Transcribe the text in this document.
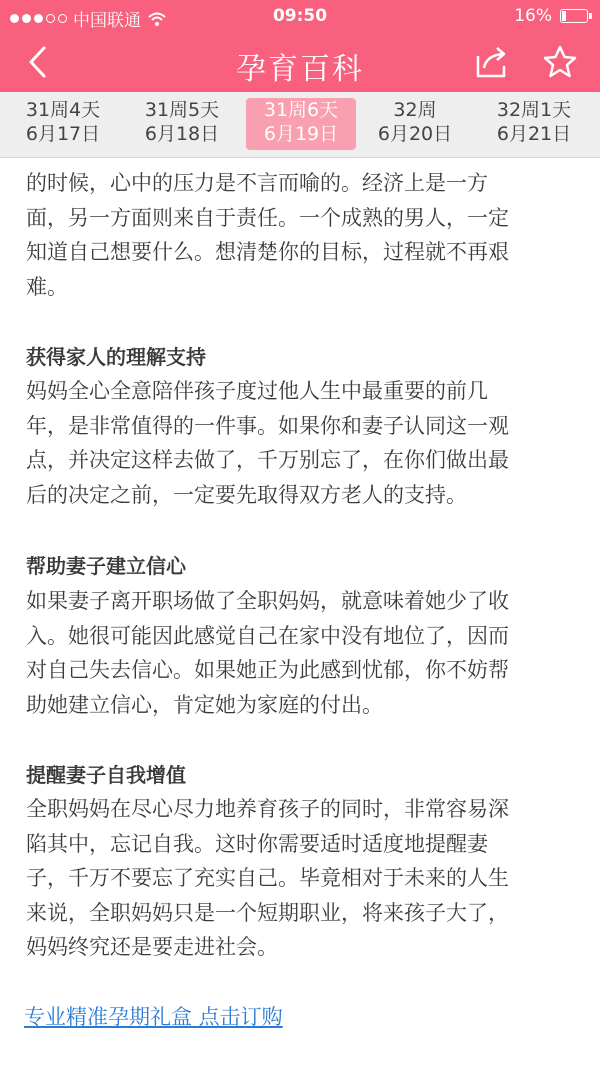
中国联通	09:50	16%
孕育百科
31周4天
6月17日
31周5天
6月18日
31周6天
6月19日
32周
6月20日
32周1天
6月21日
的时候，心中的压力是不言而喻的。经济上是一方
面，另一方面则来自于责任。一个成熟的男人，一定
知道自己想要什么。想清楚你的目标，过程就不再艰
难。
获得家人的理解支持
妈妈全心全意陪伴孩子度过他人生中最重要的前几
年，是非常值得的一件事。如果你和妻子认同这一观
点，并决定这样去做了，千万别忘了，在你们做出最
后的决定之前，一定要先取得双方老人的支持。
帮助妻子建立信心
如果妻子离开职场做了全职妈妈，就意味着她少了收
入。她很可能因此感觉自己在家中没有地位了，因而
对自己失去信心。如果她正为此感到忧郁，你不妨帮
助她建立信心，肯定她为家庭的付出。
提醒妻子自我增值
全职妈妈在尽心尽力地养育孩子的同时，非常容易深
陷其中，忘记自我。这时你需要适时适度地提醒妻
子，千万不要忘了充实自己。毕竟相对于未来的人生
来说，全职妈妈只是一个短期职业，将来孩子大了，
妈妈终究还是要走进社会。
专业精准孕期礼盒 点击订购
